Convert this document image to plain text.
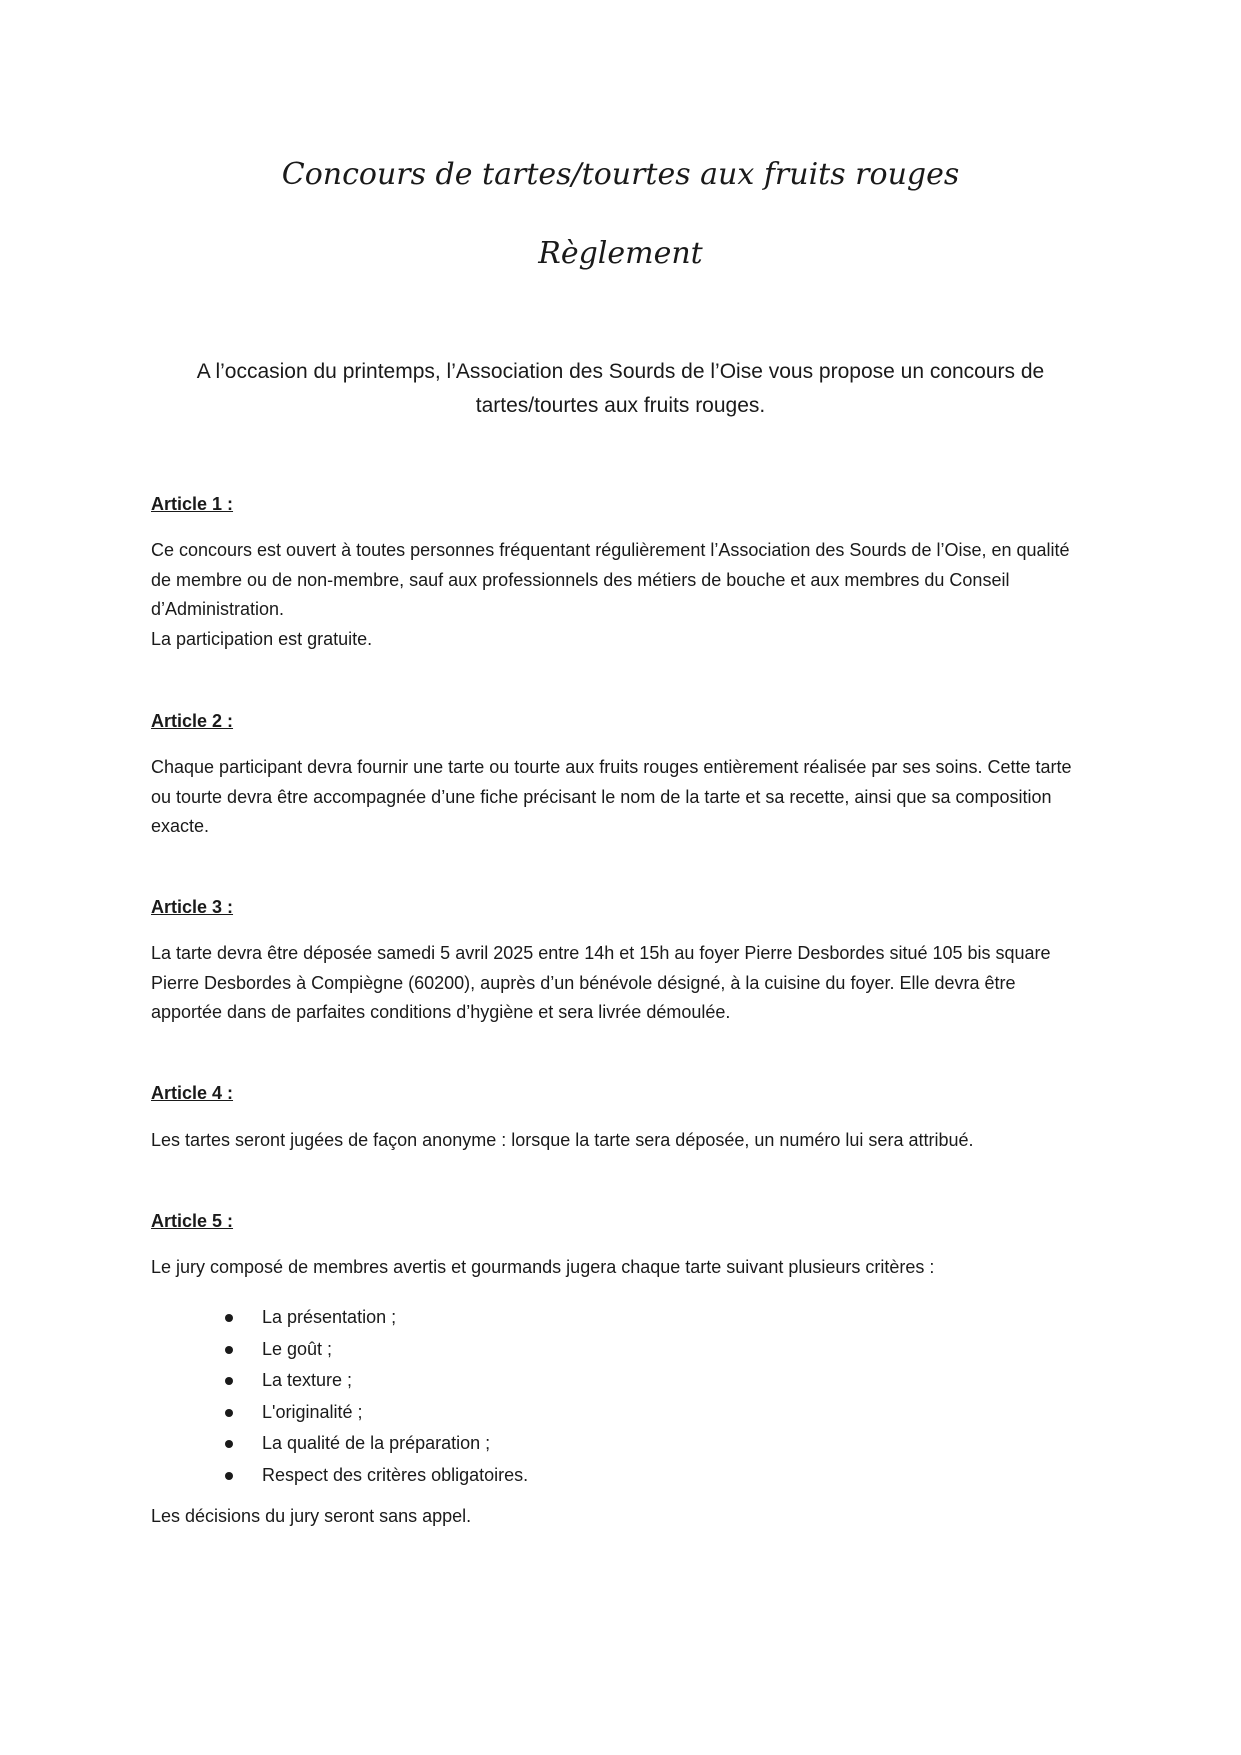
Concours de tartes/tourtes aux fruits rouges
Règlement

A l’occasion du printemps, l’Association des Sourds de l’Oise vous propose un concours de tartes/tourtes aux fruits rouges.

Article 1 :
Ce concours est ouvert à toutes personnes fréquentant régulièrement l’Association des Sourds de l’Oise, en qualité de membre ou de non-membre, sauf aux professionnels des métiers de bouche et aux membres du Conseil d’Administration.
La participation est gratuite.
Article 2 :
Chaque participant devra fournir une tarte ou tourte aux fruits rouges entièrement réalisée par ses soins. Cette tarte ou tourte devra être accompagnée d’une fiche précisant le nom de la tarte et sa recette, ainsi que sa composition exacte.
Article 3 :
La tarte devra être déposée samedi 5 avril 2025 entre 14h et 15h au foyer Pierre Desbordes situé 105 bis square Pierre Desbordes à Compiègne (60200), auprès d’un bénévole désigné, à la cuisine du foyer. Elle devra être apportée dans de parfaites conditions d’hygiène et sera livrée démoulée.
Article 4 :
Les tartes seront jugées de façon anonyme : lorsque la tarte sera déposée, un numéro lui sera attribué.
Article 5 :
Le jury composé de membres avertis et gourmands jugera chaque tarte suivant plusieurs critères :
La présentation ;
Le goût ;
La texture ;
L'originalité ;
La qualité de la préparation ;
Respect des critères obligatoires.
Les décisions du jury seront sans appel.
